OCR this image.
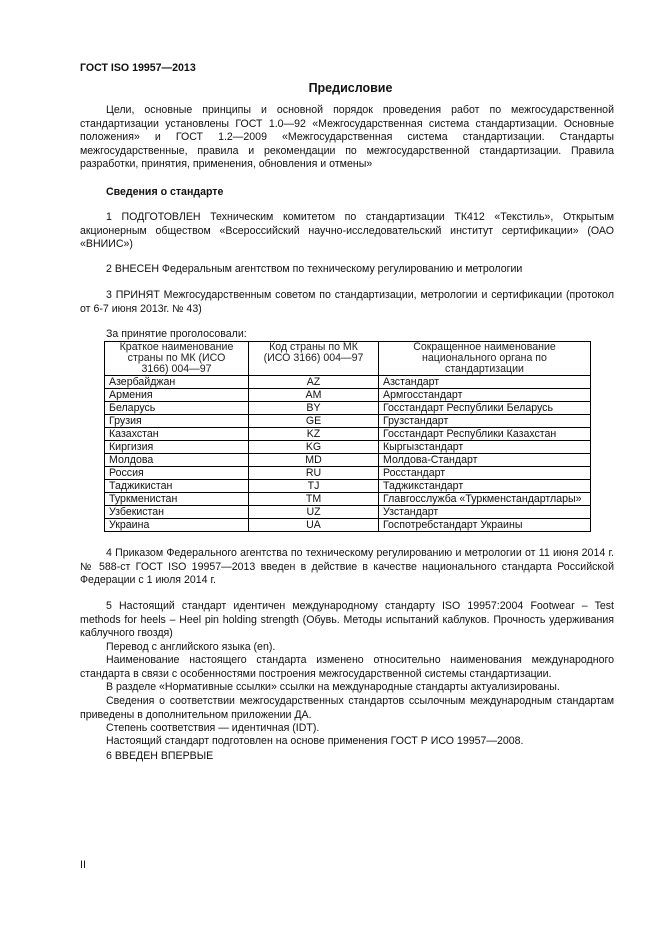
ГОСТ ISO 19957—2013
Предисловие
Цели, основные принципы и основной порядок проведения работ по межгосударственной стандартизации установлены ГОСТ 1.0—92 «Межгосударственная система стандартизации. Основные положения» и ГОСТ 1.2—2009 «Межгосударственная система стандартизации. Стандарты межгосударственные, правила и рекомендации по межгосударственной стандартизации. Правила разработки, принятия, применения, обновления и отмены»
Сведения о стандарте
1 ПОДГОТОВЛЕН Техническим комитетом по стандартизации ТК412 «Текстиль», Открытым акционерным обществом «Всероссийский научно-исследовательский институт сертификации» (ОАО «ВНИИС»)
2 ВНЕСЕН Федеральным агентством по техническому регулированию и метрологии
3 ПРИНЯТ Межгосударственным советом по стандартизации, метрологии и сертификации (протокол от 6-7 июня 2013г. № 43)
За принятие проголосовали:
Краткое наименование страны по МК (ИСО 3166) 004—97	Код страны по МК (ИСО 3166) 004—97	Сокращенное наименование национального органа по стандартизации
Азербайджан	AZ	Азстандарт
Армения	AM	Армгосстандарт
Беларусь	BY	Госстандарт Республики Беларусь
Грузия	GE	Грузстандарт
Казахстан	KZ	Госстандарт Республики Казахстан
Киргизия	KG	Кыргызстандарт
Молдова	MD	Молдова-Стандарт
Россия	RU	Росстандарт
Таджикистан	TJ	Таджикстандарт
Туркменистан	TM	Главгосслужба «Туркменстандартлары»
Узбекистан	UZ	Узстандарт
Украина	UA	Госпотребстандарт Украины
4 Приказом Федерального агентства по техническому регулированию и метрологии от 11 июня 2014 г. № 588-ст ГОСТ ISO 19957—2013 введен в действие в качестве национального стандарта Российской Федерации с 1 июля 2014 г.
5 Настоящий стандарт идентичен международному стандарту ISO 19957:2004 Footwear – Test methods for heels – Heel pin holding strength (Обувь. Методы испытаний каблуков. Прочность удерживания каблучного гвоздя)
Перевод с английского языка (en).
Наименование настоящего стандарта изменено относительно наименования международного стандарта в связи с особенностями построения межгосударственной системы стандартизации.
В разделе «Нормативные ссылки» ссылки на международные стандарты актуализированы.
Сведения о соответствии межгосударственных стандартов ссылочным международным стандартам приведены в дополнительном приложении ДА.
Степень соответствия — идентичная (IDT).
Настоящий стандарт подготовлен на основе применения ГОСТ Р ИСО 19957—2008.
6 ВВЕДЕН ВПЕРВЫЕ
II
